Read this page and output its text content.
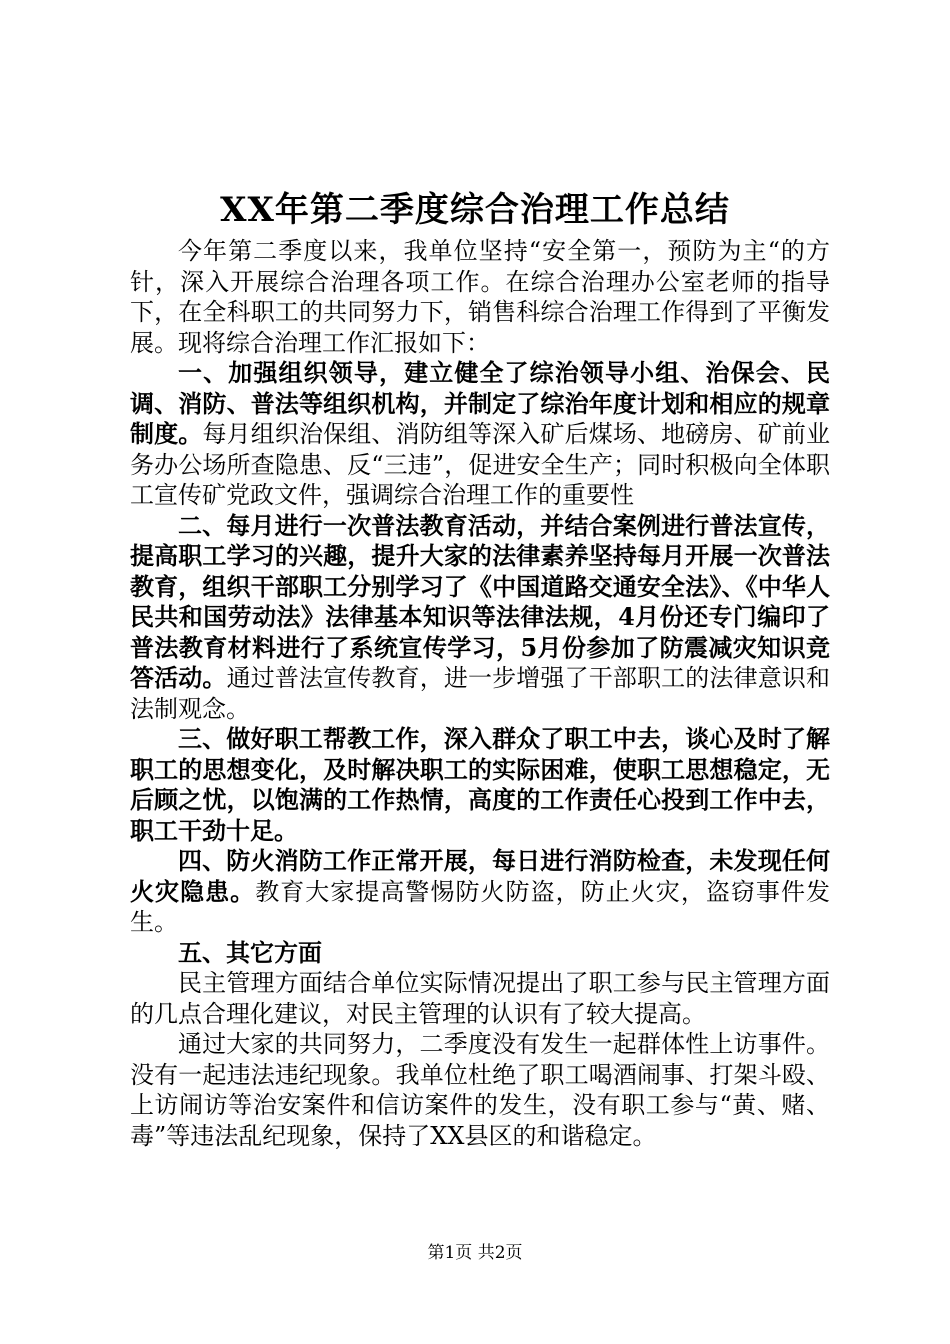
XX年第二季度综合治理工作总结

今年第二季度以来，我单位坚持“安全第一，预防为主“的方针，深入开展综合治理各项工作。在综合治理办公室老师的指导下，在全科职工的共同努力下，销售科综合治理工作得到了平衡发展。现将综合治理工作汇报如下：

一、加强组织领导，建立健全了综治领导小组、治保会、民调、消防、普法等组织机构，并制定了综治年度计划和相应的规章制度。每月组织治保组、消防组等深入矿后煤场、地磅房、矿前业务办公场所查隐患、反“三违”，促进安全生产；同时积极向全体职工宣传矿党政文件，强调综合治理工作的重要性

二、每月进行一次普法教育活动，并结合案例进行普法宣传，提高职工学习的兴趣，提升大家的法律素养坚持每月开展一次普法教育，组织干部职工分别学习了《中国道路交通安全法》、《中华人民共和国劳动法》法律基本知识等法律法规，4月份还专门编印了普法教育材料进行了系统宣传学习，5月份参加了防震减灾知识竞答活动。通过普法宣传教育，进一步增强了干部职工的法律意识和法制观念。

三、做好职工帮教工作，深入群众了职工中去，谈心及时了解职工的思想变化，及时解决职工的实际困难，使职工思想稳定，无后顾之忧，以饱满的工作热情，高度的工作责任心投到工作中去，职工干劲十足。

四、防火消防工作正常开展，每日进行消防检查，未发现任何火灾隐患。教育大家提高警惕防火防盗，防止火灾，盗窃事件发生。

五、其它方面

民主管理方面结合单位实际情况提出了职工参与民主管理方面的几点合理化建议，对民主管理的认识有了较大提高。

通过大家的共同努力，二季度没有发生一起群体性上访事件。没有一起违法违纪现象。我单位杜绝了职工喝酒闹事、打架斗殴、上访闹访等治安案件和信访案件的发生，没有职工参与“黄、赌、毒”等违法乱纪现象，保持了XX县区的和谐稳定。

第1页 共2页
